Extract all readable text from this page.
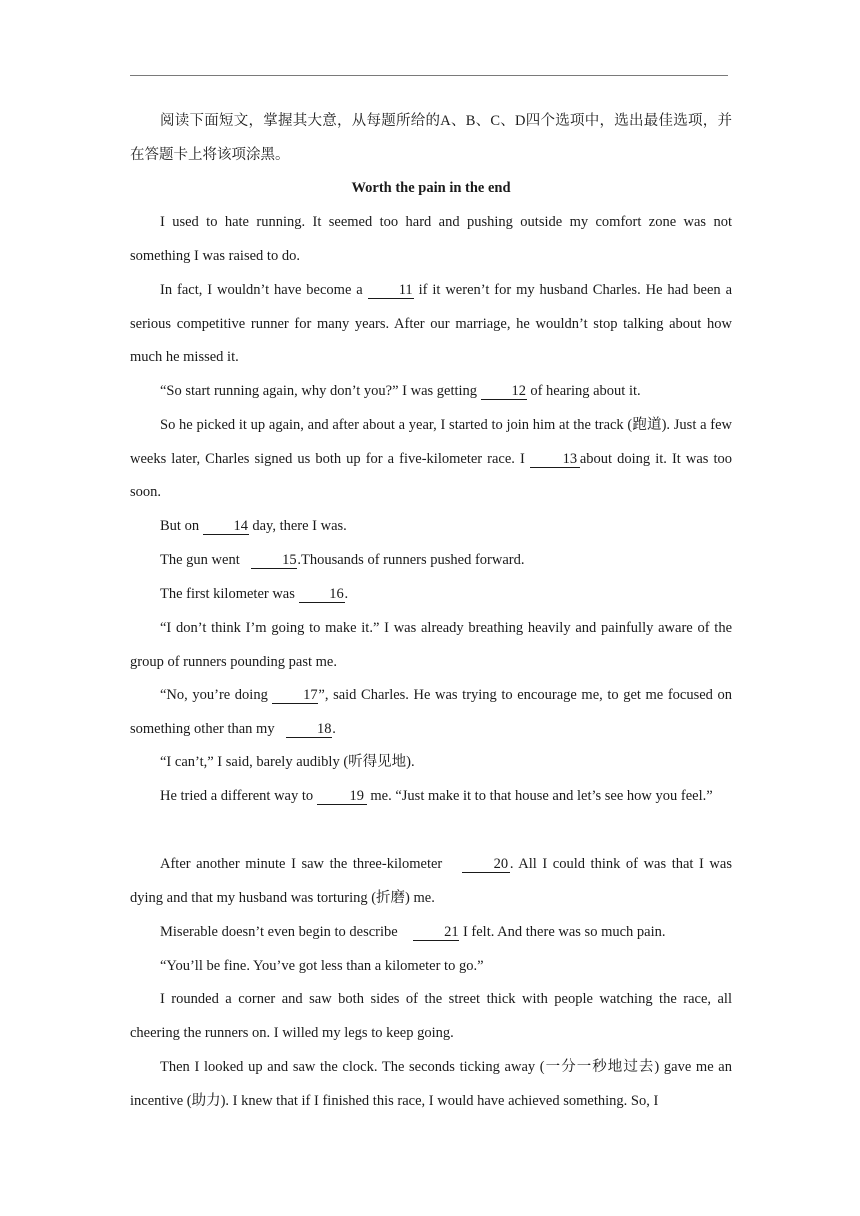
阅读下面短文，掌握其大意，从每题所给的A、B、C、D四个选项中，选出最佳选项，并在答题卡上将该项涂黑。

Worth the pain in the end

I used to hate running. It seemed too hard and pushing outside my comfort zone was not something I was raised to do.

In fact, I wouldn’t have become a 11 if it weren’t for my husband Charles. He had been a serious competitive runner for many years. After our marriage, he wouldn’t stop talking about how much he missed it.

“So start running again, why don’t you?” I was getting 12 of hearing about it.

So he picked it up again, and after about a year, I started to join him at the track (跑道). Just a few weeks later, Charles signed us both up for a five-kilometer race. I 13 about doing it. It was too soon.

But on 14 day, there I was.

The gun went	15.Thousands of runners pushed forward.

The first kilometer was 16.

“I don’t think I’m going to make it.” I was already breathing heavily and painfully aware of the group of runners pounding past me.

“No, you’re doing 17”, said Charles. He was trying to encourage me, to get me focused on something other than my	18.

“I can’t,” I said, barely audibly (听得见地).

He tried a different way to 19 me. “Just make it to that house and let’s see how you feel.”

After another minute I saw the three-kilometer	20 . All I could think of was that I was dying and that my husband was torturing (折磨) me.

Miserable doesn’t even begin to describe	21 I felt. And there was so much pain.

“You’ll be fine. You’ve got less than a kilometer to go.”

I rounded a corner and saw both sides of the street thick with people watching the race, all cheering the runners on. I willed my legs to keep going.

Then I looked up and saw the clock. The seconds ticking away (一分一秒地过去) gave me an incentive (助力). I knew that if I finished this race, I would have achieved something. So, I
